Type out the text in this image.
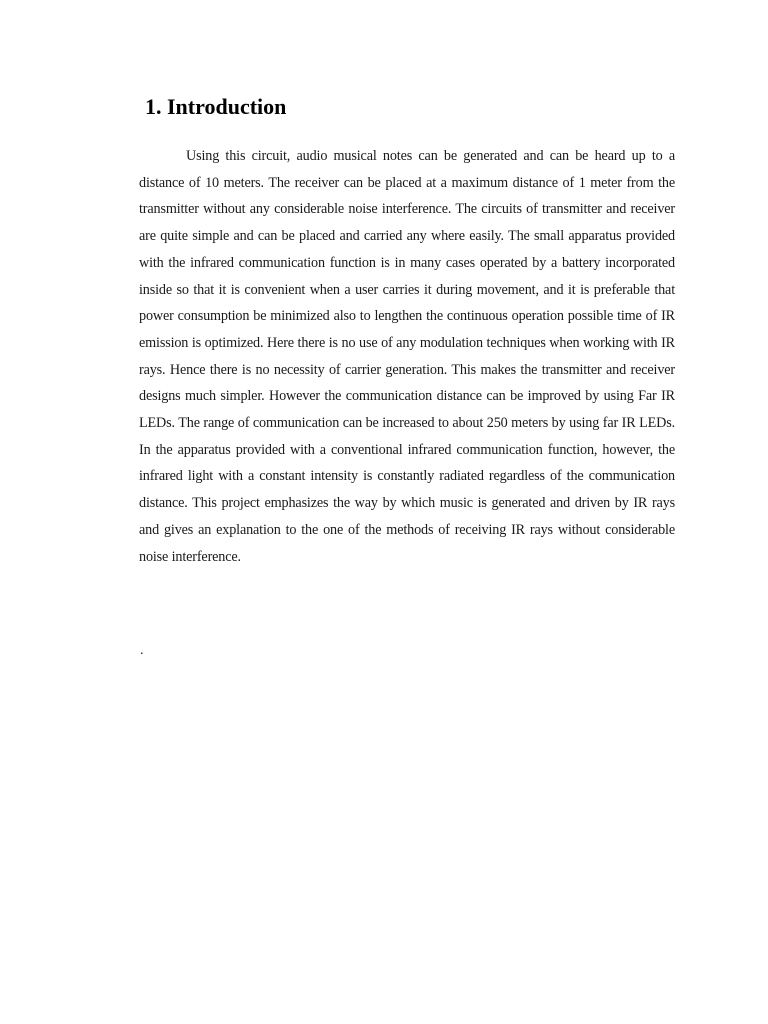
1. Introduction

Using this circuit, audio musical notes can be generated and can be heard up to a distance of 10 meters. The receiver can be placed at a maximum distance of 1 meter from the transmitter without any considerable noise interference. The circuits of transmitter and receiver are quite simple and can be placed and carried any where easily. The small apparatus provided with the infrared communication function is in many cases operated by a battery incorporated inside so that it is convenient when a user carries it during movement, and it is preferable that power consumption be minimized also to lengthen the continuous operation possible time of IR emission is optimized. Here there is no use of any modulation techniques when working with IR rays. Hence there is no necessity of carrier generation. This makes the transmitter and receiver designs much simpler. However the communication distance can be improved by using Far IR LEDs. The range of communication can be increased to about 250 meters by using far IR LEDs. In the apparatus provided with a conventional infrared communication function, however, the infrared light with a constant intensity is constantly radiated regardless of the communication distance. This project emphasizes the way by which music is generated and driven by IR rays and gives an explanation to the one of the methods of receiving IR rays without considerable noise interference.

.
